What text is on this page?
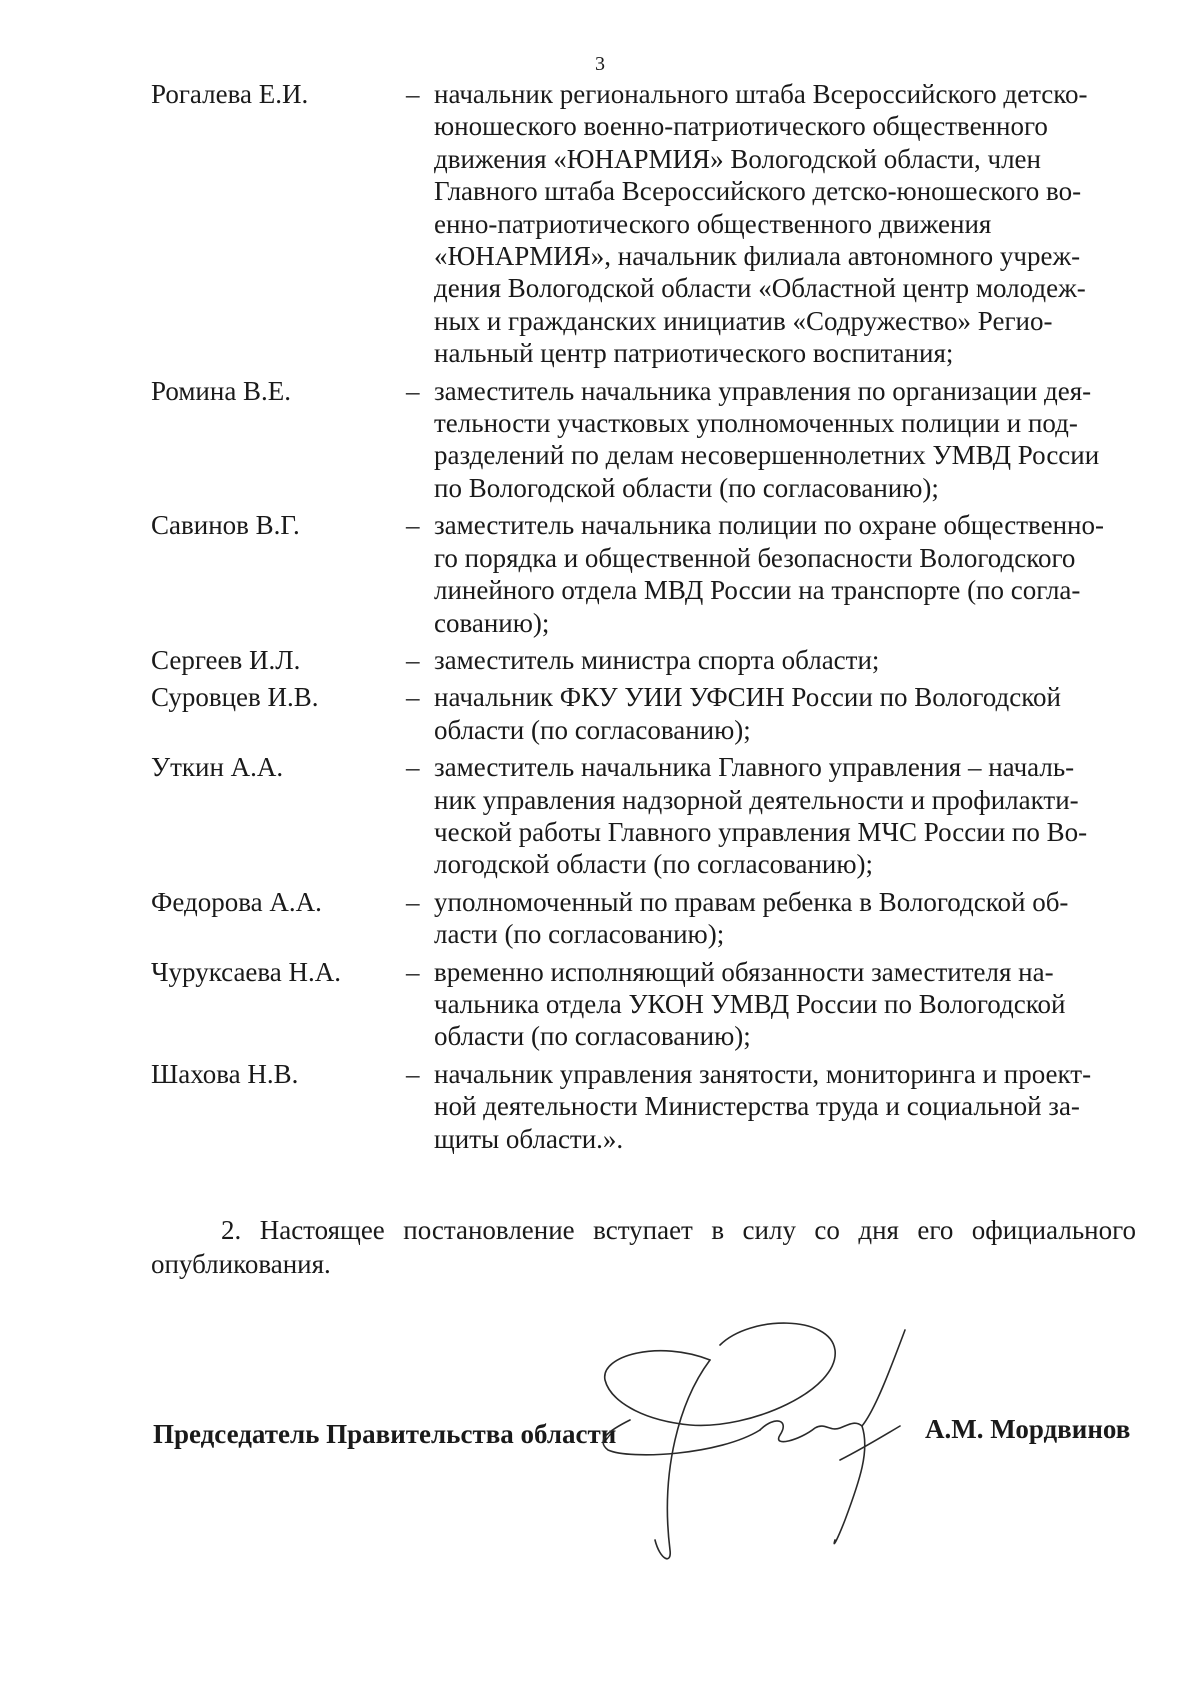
3
Рогалева Е.И.	– начальник регионального штаба Всероссийского детско-
юношеского военно-патриотического общественного
движения «ЮНАРМИЯ» Вологодской области, член
Главного штаба Всероссийского детско-юношеского во-
енно-патриотического общественного движения
«ЮНАРМИЯ», начальник филиала автономного учреж-
дения Вологодской области «Областной центр молодеж-
ных и гражданских инициатив «Содружество» Регио-
нальный центр патриотического воспитания;
Ромина В.Е.	– заместитель начальника управления по организации дея-
тельности участковых уполномоченных полиции и под-
разделений по делам несовершеннолетних УМВД России
по Вологодской области (по согласованию);
Савинов В.Г.	– заместитель начальника полиции по охране общественно-
го порядка и общественной безопасности Вологодского
линейного отдела МВД России на транспорте (по согла-
сованию);
Сергеев И.Л.	– заместитель министра спорта области;
Суровцев И.В.	– начальник ФКУ УИИ УФСИН России по Вологодской
области (по согласованию);
Уткин А.А.	– заместитель начальника Главного управления – началь-
ник управления надзорной деятельности и профилакти-
ческой работы Главного управления МЧС России по Во-
логодской области (по согласованию);
Федорова А.А.	– уполномоченный по правам ребенка в Вологодской об-
ласти (по согласованию);
Чуруксаева Н.А.	– временно исполняющий обязанности заместителя на-
чальника отдела УКОН УМВД России по Вологодской
области (по согласованию);
Шахова Н.В.	– начальник управления занятости, мониторинга и проект-
ной деятельности Министерства труда и социальной за-
щиты области.».

2. Настоящее постановление вступает в силу со дня его официального опубликования.

Председатель Правительства области	А.М. Мордвинов
